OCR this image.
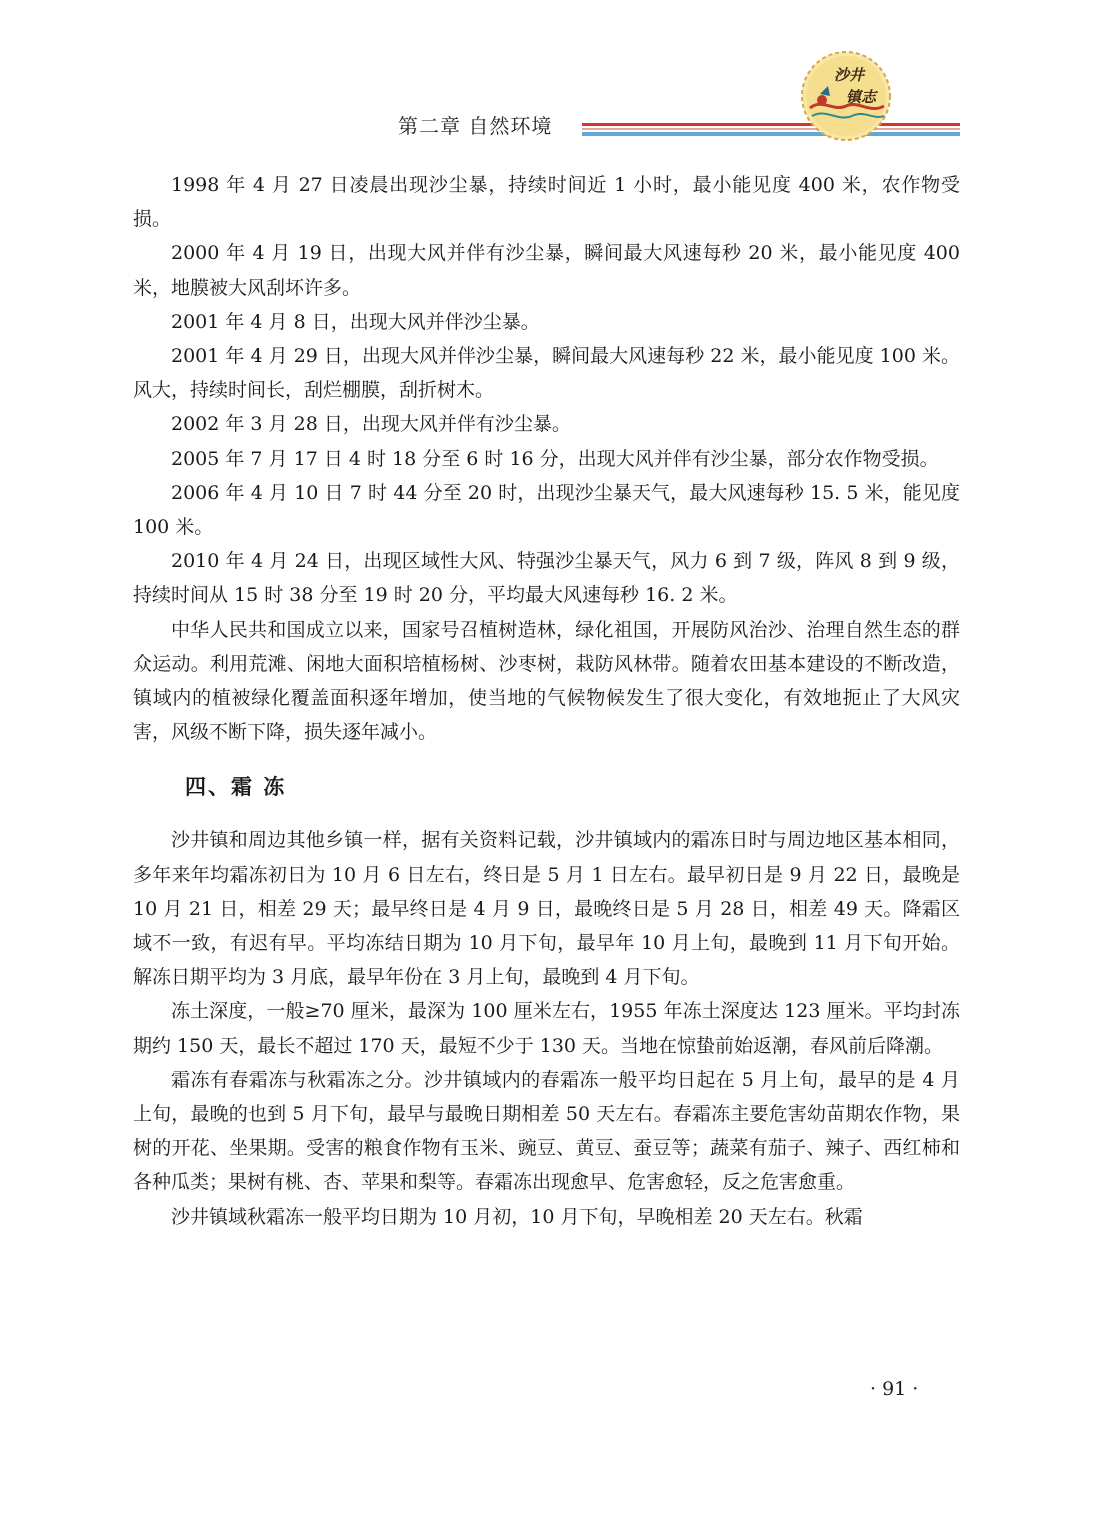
第二章 自然环境
沙井
镇志

1998 年 4 月 27 日凌晨出现沙尘暴，持续时间近 1 小时，最小能见度 400 米，农作物受损。

2000 年 4 月 19 日，出现大风并伴有沙尘暴，瞬间最大风速每秒 20 米，最小能见度 400 米，地膜被大风刮坏许多。

2001 年 4 月 8 日，出现大风并伴沙尘暴。

2001 年 4 月 29 日，出现大风并伴沙尘暴，瞬间最大风速每秒 22 米，最小能见度 100 米。风大，持续时间长，刮烂棚膜，刮折树木。

2002 年 3 月 28 日，出现大风并伴有沙尘暴。

2005 年 7 月 17 日 4 时 18 分至 6 时 16 分，出现大风并伴有沙尘暴，部分农作物受损。

2006 年 4 月 10 日 7 时 44 分至 20 时，出现沙尘暴天气，最大风速每秒 15. 5 米，能见度 100 米。

2010 年 4 月 24 日，出现区域性大风、特强沙尘暴天气，风力 6 到 7 级，阵风 8 到 9 级，持续时间从 15 时 38 分至 19 时 20 分，平均最大风速每秒 16. 2 米。

中华人民共和国成立以来，国家号召植树造林，绿化祖国，开展防风治沙、治理自然生态的群众运动。利用荒滩、闲地大面积培植杨树、沙枣树，栽防风林带。随着农田基本建设的不断改造，镇域内的植被绿化覆盖面积逐年增加，使当地的气候物候发生了很大变化，有效地扼止了大风灾害，风级不断下降，损失逐年减小。

四、霜 冻

沙井镇和周边其他乡镇一样，据有关资料记载，沙井镇域内的霜冻日时与周边地区基本相同，多年来年均霜冻初日为 10 月 6 日左右，终日是 5 月 1 日左右。最早初日是 9 月 22 日，最晚是 10 月 21 日，相差 29 天；最早终日是 4 月 9 日，最晚终日是 5 月 28 日，相差 49 天。降霜区域不一致，有迟有早。平均冻结日期为 10 月下旬，最早年 10 月上旬，最晚到 11 月下旬开始。解冻日期平均为 3 月底，最早年份在 3 月上旬，最晚到 4 月下旬。

冻土深度，一般≥70 厘米，最深为 100 厘米左右，1955 年冻土深度达 123 厘米。平均封冻期约 150 天，最长不超过 170 天，最短不少于 130 天。当地在惊蛰前始返潮，春风前后降潮。

霜冻有春霜冻与秋霜冻之分。沙井镇域内的春霜冻一般平均日起在 5 月上旬，最早的是 4 月上旬，最晚的也到 5 月下旬，最早与最晚日期相差 50 天左右。春霜冻主要危害幼苗期农作物，果树的开花、坐果期。受害的粮食作物有玉米、豌豆、黄豆、蚕豆等；蔬菜有茄子、辣子、西红柿和各种瓜类；果树有桃、杏、苹果和梨等。春霜冻出现愈早、危害愈轻，反之危害愈重。

沙井镇域秋霜冻一般平均日期为 10 月初，10 月下旬，早晚相差 20 天左右。秋霜

· 91 ·
